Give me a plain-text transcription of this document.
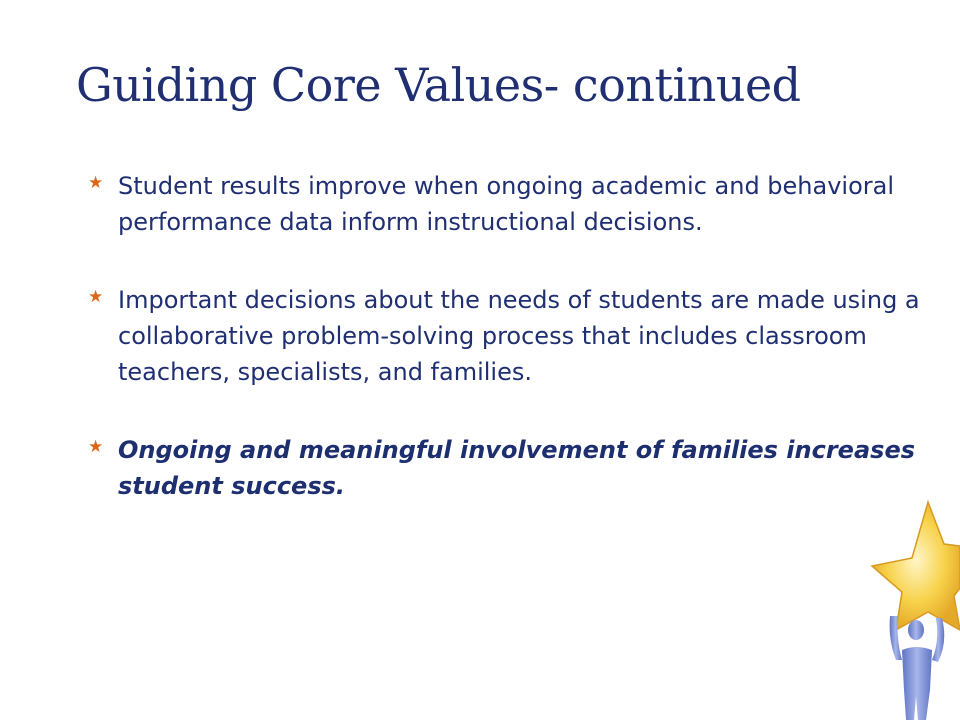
Guiding Core Values- continued
★ Student results improve when ongoing academic and behavioral performance data inform instructional decisions.
★ Important decisions about the needs of students are made using a collaborative problem-solving process that includes classroom teachers, specialists, and families.
★ Ongoing and meaningful involvement of families increases student success.
